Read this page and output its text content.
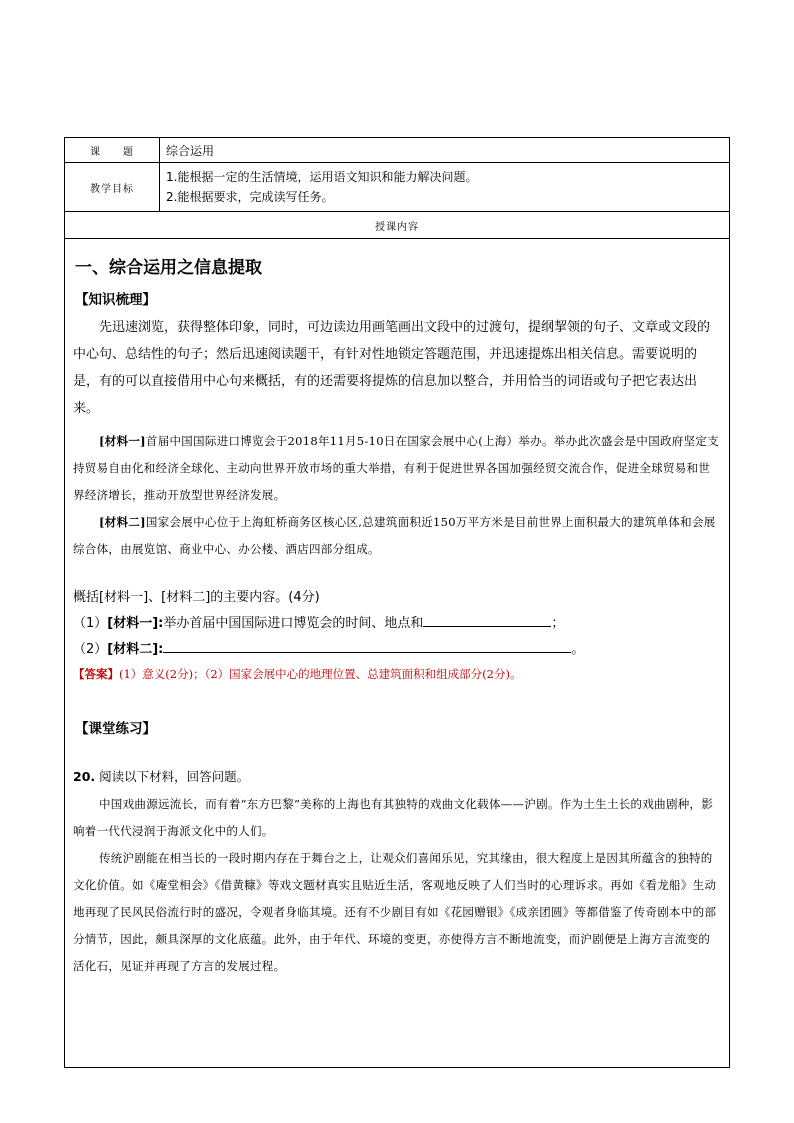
课　　题	综合运用
教学目标	1.能根据一定的生活情境，运用语文知识和能力解决问题。
2.能根据要求，完成读写任务。

授课内容	
一、综合运用之信息提取
【知识梳理】

先迅速浏览，获得整体印象，同时，可边读边用画笔画出文段中的过渡句，提纲挈领的句子、文章或文段的中心句、总结性的句子；然后迅速阅读题干，有针对性地锁定答题范围，并迅速提炼出相关信息。需要说明的是，有的可以直接借用中心句来概括，有的还需要将提炼的信息加以整合，并用恰当的词语或句子把它表达出来。

[材料一]首届中国国际进口博览会于2018年11月5-10日在国家会展中心(上海）举办。举办此次盛会是中国政府坚定支持贸易自由化和经济全球化、主动向世界开放市场的重大举措，有利于促进世界各国加强经贸交流合作，促进全球贸易和世界经济增长，推动开放型世界经济发展。

[材料二]国家会展中心位于上海虹桥商务区核心区,总建筑面积近150万平方米是目前世界上面积最大的建筑单体和会展综合体，由展览馆、商业中心、办公楼、酒店四部分组成。

概括[材料一]、[材料二]的主要内容。(4分)

（1）[材料一]:举办首届中国国际进口博览会的时间、地点和	；

（2）[材料二]:	。

【答案】(1）意义(2分)；（2）国家会展中心的地理位置、总建筑面积和组成部分(2分)。

【课堂练习】

20. 阅读以下材料，回答问题。

中国戏曲源远流长，而有着“东方巴黎”美称的上海也有其独特的戏曲文化载体——沪剧。作为土生土长的戏曲剧种，影响着一代代浸润于海派文化中的人们。

传统沪剧能在相当长的一段时期内存在于舞台之上，让观众们喜闻乐见，究其缘由，很大程度上是因其所蕴含的独特的文化价值。如《庵堂相会》《借黄糠》等戏文题材真实且贴近生活，客观地反映了人们当时的心理诉求。再如《看龙船》生动地再现了民风民俗流行时的盛况，令观者身临其境。还有不少剧目有如《花园赠银》《成亲团圆》等都借鉴了传奇剧本中的部分情节，因此，颇具深厚的文化底蕴。此外，由于年代、环境的变更，亦使得方言不断地流变，而沪剧便是上海方言流变的活化石，见证并再现了方言的发展过程。
